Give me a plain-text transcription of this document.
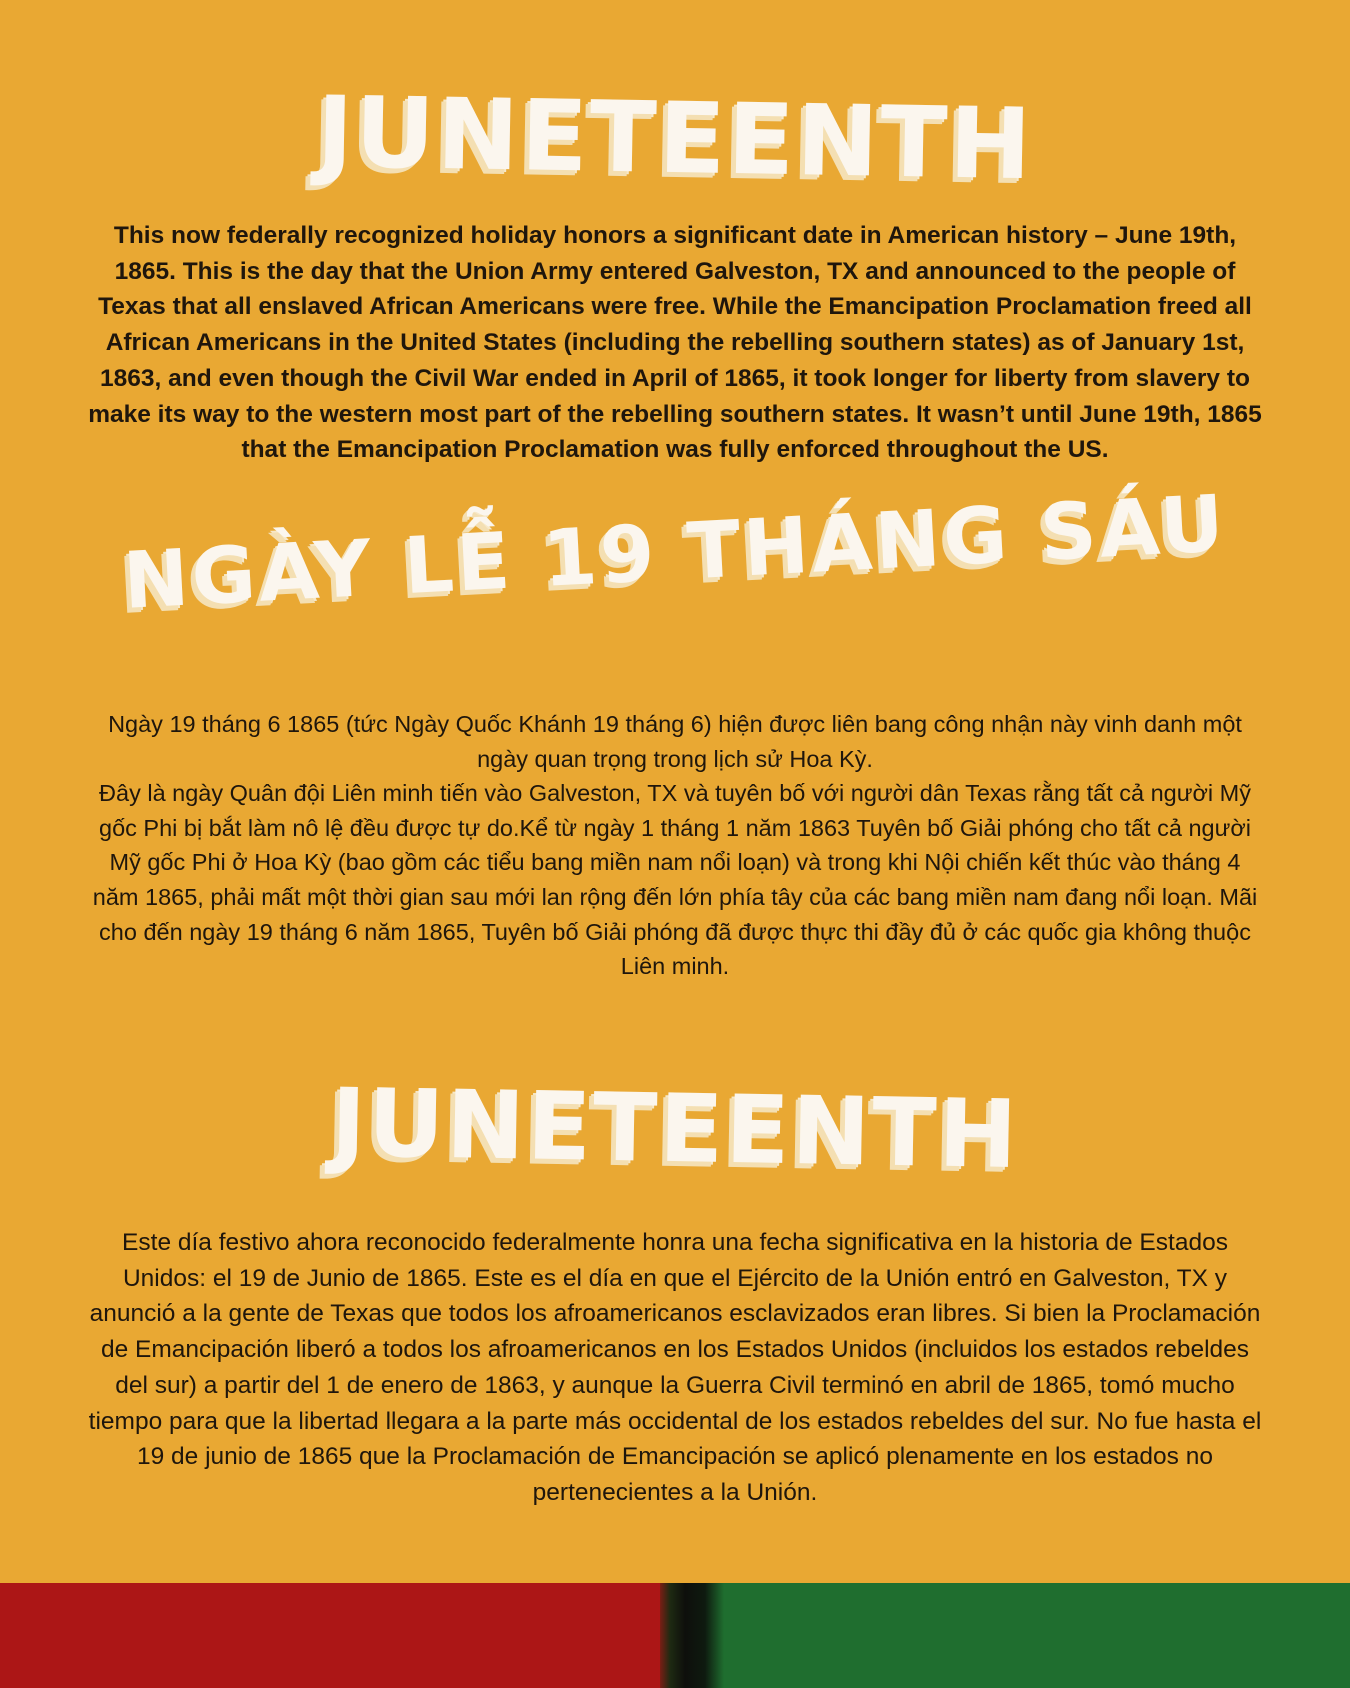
JUNETEENTH

This now federally recognized holiday honors a significant date in American history – June 19th, 1865. This is the day that the Union Army entered Galveston, TX and announced to the people of Texas that all enslaved African Americans were free. While the Emancipation Proclamation freed all African Americans in the United States (including the rebelling southern states) as of January 1st, 1863, and even though the Civil War ended in April of 1865, it took longer for liberty from slavery to make its way to the western most part of the rebelling southern states. It wasn’t until June 19th, 1865 that the Emancipation Proclamation was fully enforced throughout the US.

NGÀY LỄ 19 THÁNG SÁU
Ngày 19 tháng 6 1865 (tức Ngày Quốc Khánh 19 tháng 6) hiện được liên bang công nhận này vinh danh một ngày quan trọng trong lịch sử Hoa Kỳ.
Đây là ngày Quân đội Liên minh tiến vào Galveston, TX và tuyên bố với người dân Texas rằng tất cả người Mỹ gốc Phi bị bắt làm nô lệ đều được tự do.Kể từ ngày 1 tháng 1 năm 1863 Tuyên bố Giải phóng cho tất cả người Mỹ gốc Phi ở Hoa Kỳ (bao gồm các tiểu bang miền nam nổi loạn) và trong khi Nội chiến kết thúc vào tháng 4 năm 1865, phải mất một thời gian sau mới lan rộng đến lớn phía tây của các bang miền nam đang nổi loạn. Mãi cho đến ngày 19 tháng 6 năm 1865, Tuyên bố Giải phóng đã được thực thi đầy đủ ở các quốc gia không thuộc Liên minh.
JUNETEENTH

Este día festivo ahora reconocido federalmente honra una fecha significativa en la historia de Estados Unidos: el 19 de Junio de 1865. Este es el día en que el Ejército de la Unión entró en Galveston, TX y anunció a la gente de Texas que todos los afroamericanos esclavizados eran libres. Si bien la Proclamación de Emancipación liberó a todos los afroamericanos en los Estados Unidos (incluidos los estados rebeldes del sur) a partir del 1 de enero de 1863, y aunque la Guerra Civil terminó en abril de 1865, tomó mucho tiempo para que la libertad llegara a la parte más occidental de los estados rebeldes del sur. No fue hasta el 19 de junio de 1865 que la Proclamación de Emancipación se aplicó plenamente en los estados no pertenecientes a la Unión.
